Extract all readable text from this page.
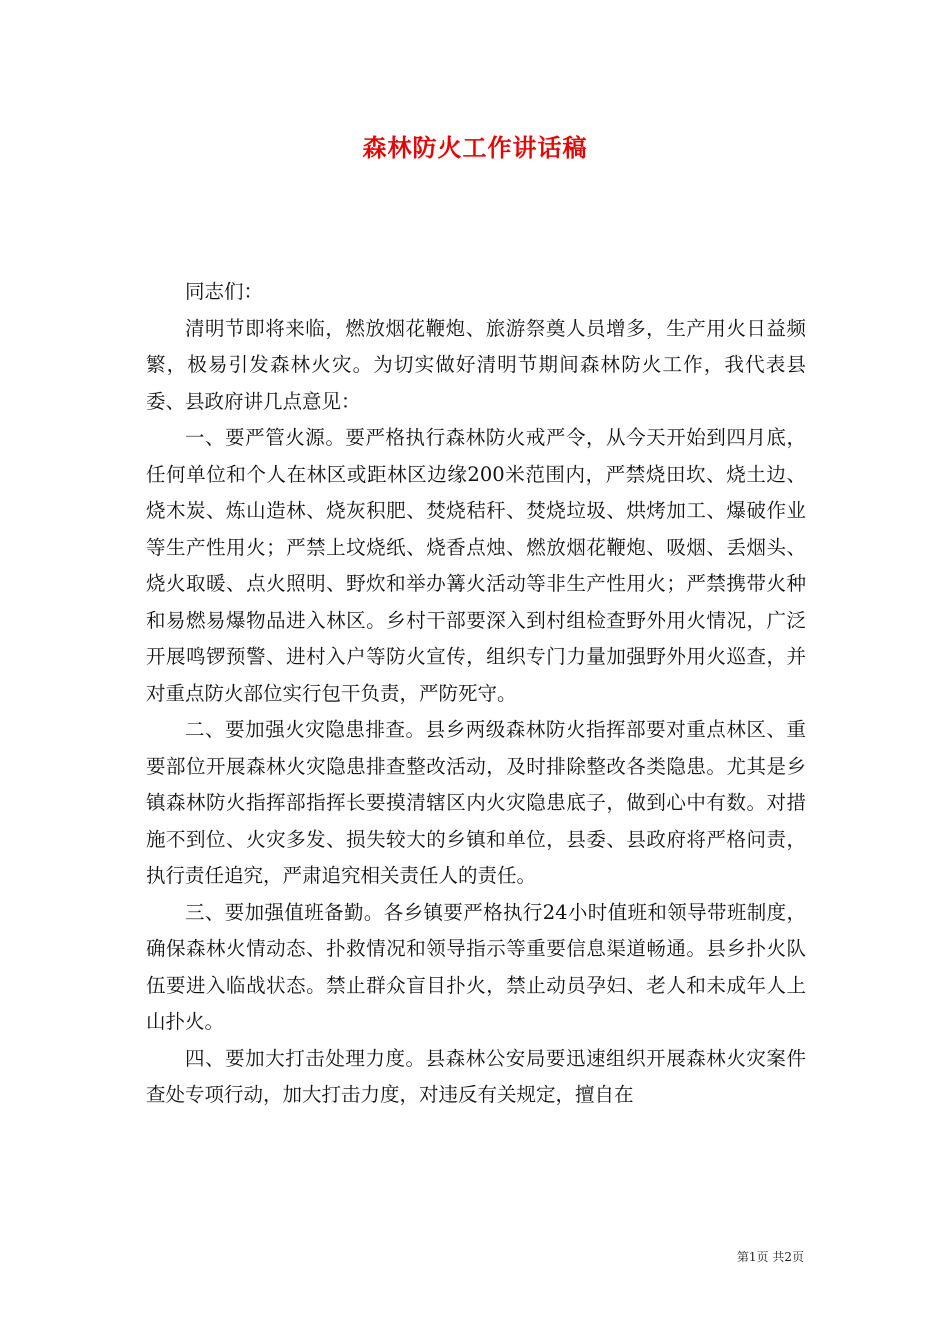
森林防火工作讲话稿

同志们：

清明节即将来临，燃放烟花鞭炮、旅游祭奠人员增多，生产用火日益频繁，极易引发森林火灾。为切实做好清明节期间森林防火工作，我代表县委、县政府讲几点意见：

一、要严管火源。要严格执行森林防火戒严令，从今天开始到四月底，任何单位和个人在林区或距林区边缘200米范围内，严禁烧田坎、烧土边、烧木炭、炼山造林、烧灰积肥、焚烧秸秆、焚烧垃圾、烘烤加工、爆破作业等生产性用火；严禁上坟烧纸、烧香点烛、燃放烟花鞭炮、吸烟、丢烟头、烧火取暖、点火照明、野炊和举办篝火活动等非生产性用火；严禁携带火种和易燃易爆物品进入林区。乡村干部要深入到村组检查野外用火情况，广泛开展鸣锣预警、进村入户等防火宣传，组织专门力量加强野外用火巡查，并对重点防火部位实行包干负责，严防死守。

二、要加强火灾隐患排查。县乡两级森林防火指挥部要对重点林区、重要部位开展森林火灾隐患排查整改活动，及时排除整改各类隐患。尤其是乡镇森林防火指挥部指挥长要摸清辖区内火灾隐患底子，做到心中有数。对措施不到位、火灾多发、损失较大的乡镇和单位，县委、县政府将严格问责，执行责任追究，严肃追究相关责任人的责任。

三、要加强值班备勤。各乡镇要严格执行24小时值班和领导带班制度，确保森林火情动态、扑救情况和领导指示等重要信息渠道畅通。县乡扑火队伍要进入临战状态。禁止群众盲目扑火，禁止动员孕妇、老人和未成年人上山扑火。

四、要加大打击处理力度。县森林公安局要迅速组织开展森林火灾案件查处专项行动，加大打击力度，对违反有关规定，擅自在

第1页 共2页
